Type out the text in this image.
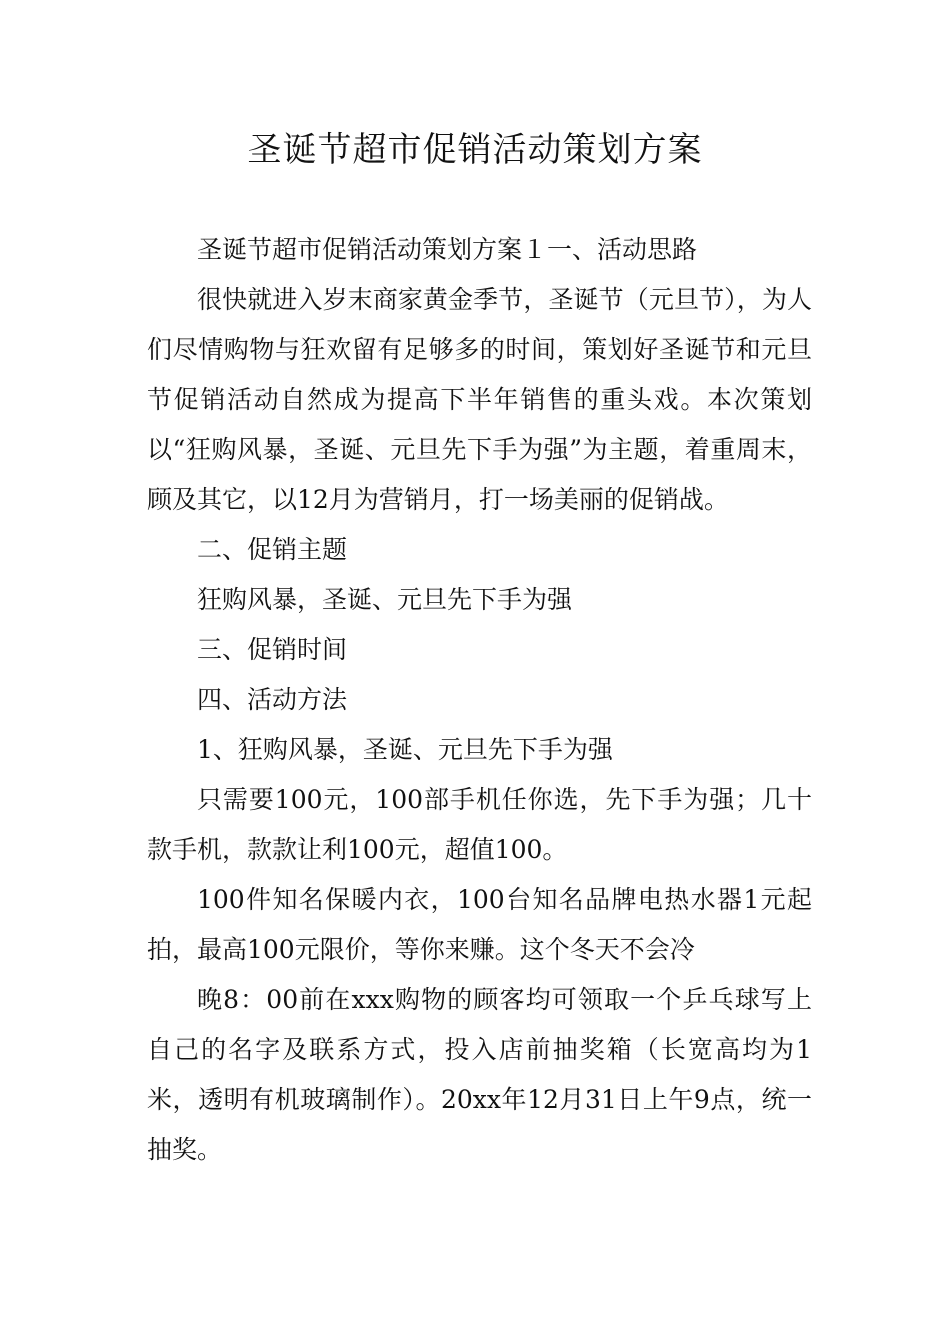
圣诞节超市促销活动策划方案

圣诞节超市促销活动策划方案１一、活动思路

很快就进入岁末商家黄金季节，圣诞节（元旦节），为人们尽情购物与狂欢留有足够多的时间，策划好圣诞节和元旦节促销活动自然成为提高下半年销售的重头戏。本次策划以“狂购风暴，圣诞、元旦先下手为强”为主题，着重周末，顾及其它，以12月为营销月，打一场美丽的促销战。

二、促销主题

狂购风暴，圣诞、元旦先下手为强

三、促销时间

四、活动方法

1、狂购风暴，圣诞、元旦先下手为强

只需要100元，100部手机任你选，先下手为强；几十款手机，款款让利100元，超值100。

100件知名保暖内衣，100台知名品牌电热水器1元起拍，最高100元限价，等你来赚。这个冬天不会冷

晚8：00前在xxx购物的顾客均可领取一个乒乓球写上自己的名字及联系方式，投入店前抽奖箱（长宽高均为1米，透明有机玻璃制作）。20xx年12月31日上午9点，统一抽奖。
